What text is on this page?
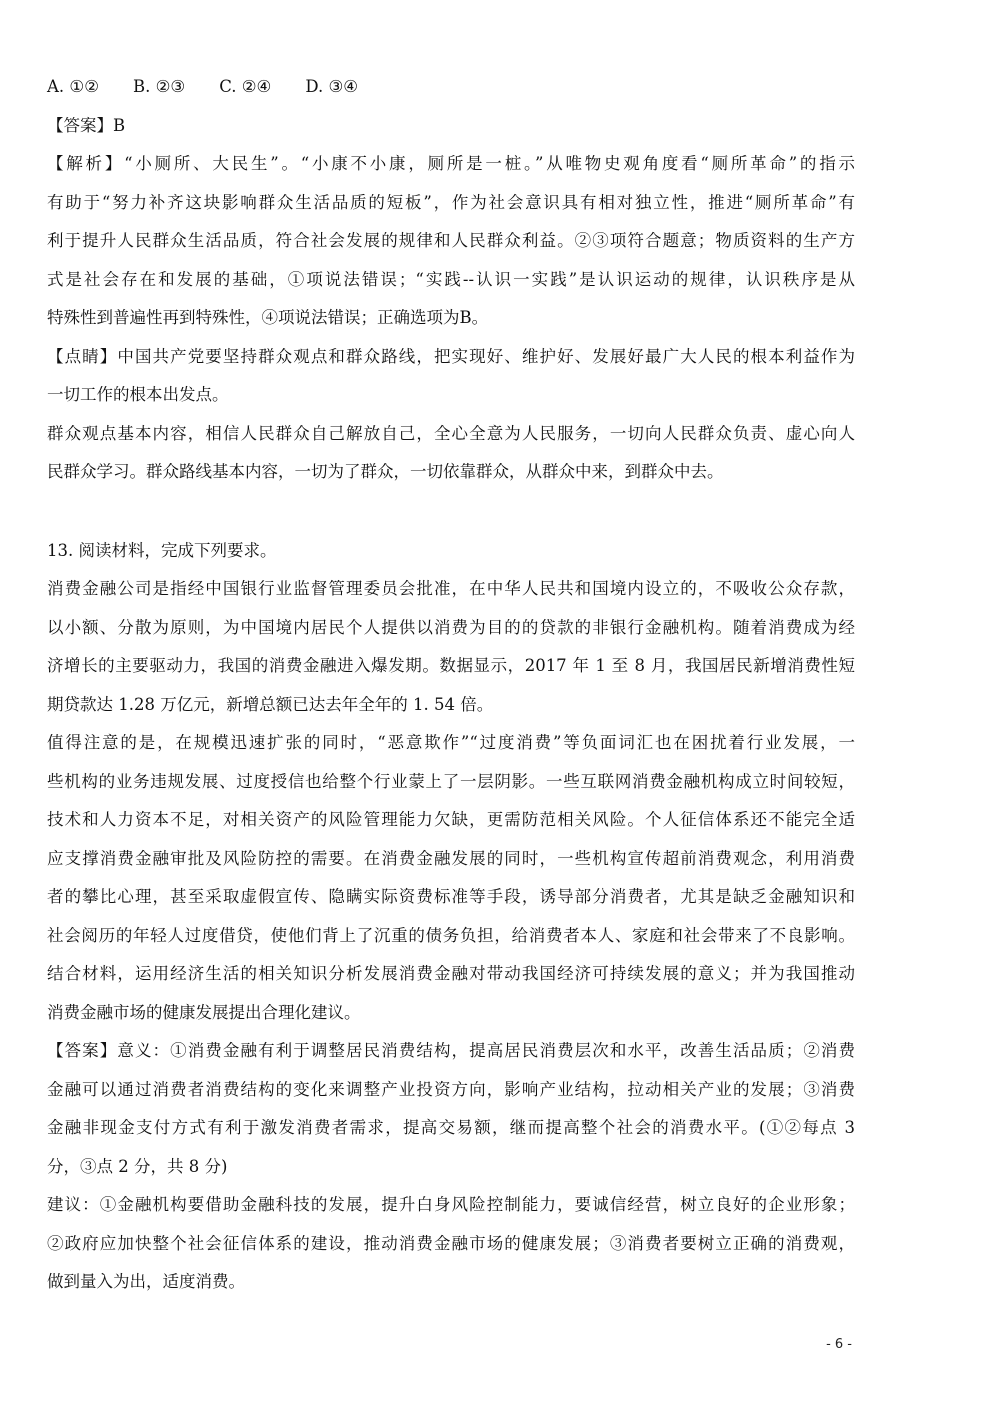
A. ①② B. ②③ C. ②④ D. ③④
【答案】B
【解析】“小厕所、大民生”。“小康不小康，厕所是一桩。”从唯物史观角度看“厕所革命”的指示
有助于“努力补齐这块影响群众生活品质的短板”，作为社会意识具有相对独立性，推进“厕所革命”有
利于提升人民群众生活品质，符合社会发展的规律和人民群众利益。②③项符合题意；物质资料的生产方
式是社会存在和发展的基础，①项说法错误；“实践--认识一实践”是认识运动的规律，认识秩序是从
特殊性到普遍性再到特殊性，④项说法错误；正确选项为B。
【点睛】中国共产党要坚持群众观点和群众路线，把实现好、维护好、发展好最广大人民的根本利益作为
一切工作的根本出发点。
群众观点基本内容，相信人民群众自己解放自己，全心全意为人民服务，一切向人民群众负责、虚心向人
民群众学习。群众路线基本内容，一切为了群众，一切依靠群众，从群众中来，到群众中去。
13. 阅读材料，完成下列要求。
消费金融公司是指经中国银行业监督管理委员会批准，在中华人民共和国境内设立的，不吸收公众存款，
以小额、分散为原则，为中国境内居民个人提供以消费为目的的贷款的非银行金融机构。随着消费成为经
济增长的主要驱动力，我国的消费金融进入爆发期。数据显示，2017 年 1 至 8 月，我国居民新增消费性短
期贷款达 1.28 万亿元，新增总额已达去年全年的 1. 54 倍。
值得注意的是，在规模迅速扩张的同时，“恶意欺作”“过度消费”等负面词汇也在困扰着行业发展，一
些机构的业务违规发展、过度授信也给整个行业蒙上了一层阴影。一些互联网消费金融机构成立时间较短，
技术和人力资本不足，对相关资产的风险管理能力欠缺，更需防范相关风险。个人征信体系还不能完全适
应支撑消费金融审批及风险防控的需要。在消费金融发展的同时，一些机构宣传超前消费观念，利用消费
者的攀比心理，甚至采取虚假宣传、隐瞒实际资费标准等手段，诱导部分消费者，尤其是缺乏金融知识和
社会阅历的年轻人过度借贷，使他们背上了沉重的债务负担，给消费者本人、家庭和社会带来了不良影响。
结合材料，运用经济生活的相关知识分析发展消费金融对带动我国经济可持续发展的意义；并为我国推动
消费金融市场的健康发展提出合理化建议。
【答案】意义：①消费金融有利于调整居民消费结构，提高居民消费层次和水平，改善生活品质；②消费
金融可以通过消费者消费结构的变化来调整产业投资方向，影响产业结构，拉动相关产业的发展；③消费
金融非现金支付方式有利于激发消费者需求，提高交易额，继而提高整个社会的消费水平。(①②每点 3
分，③点 2 分，共 8 分)
建议：①金融机构要借助金融科技的发展，提升白身风险控制能力，要诚信经营，树立良好的企业形象；
②政府应加快整个社会征信体系的建设，推动消费金融市场的健康发展；③消费者要树立正确的消费观，
做到量入为出，适度消费。
- 6 -
